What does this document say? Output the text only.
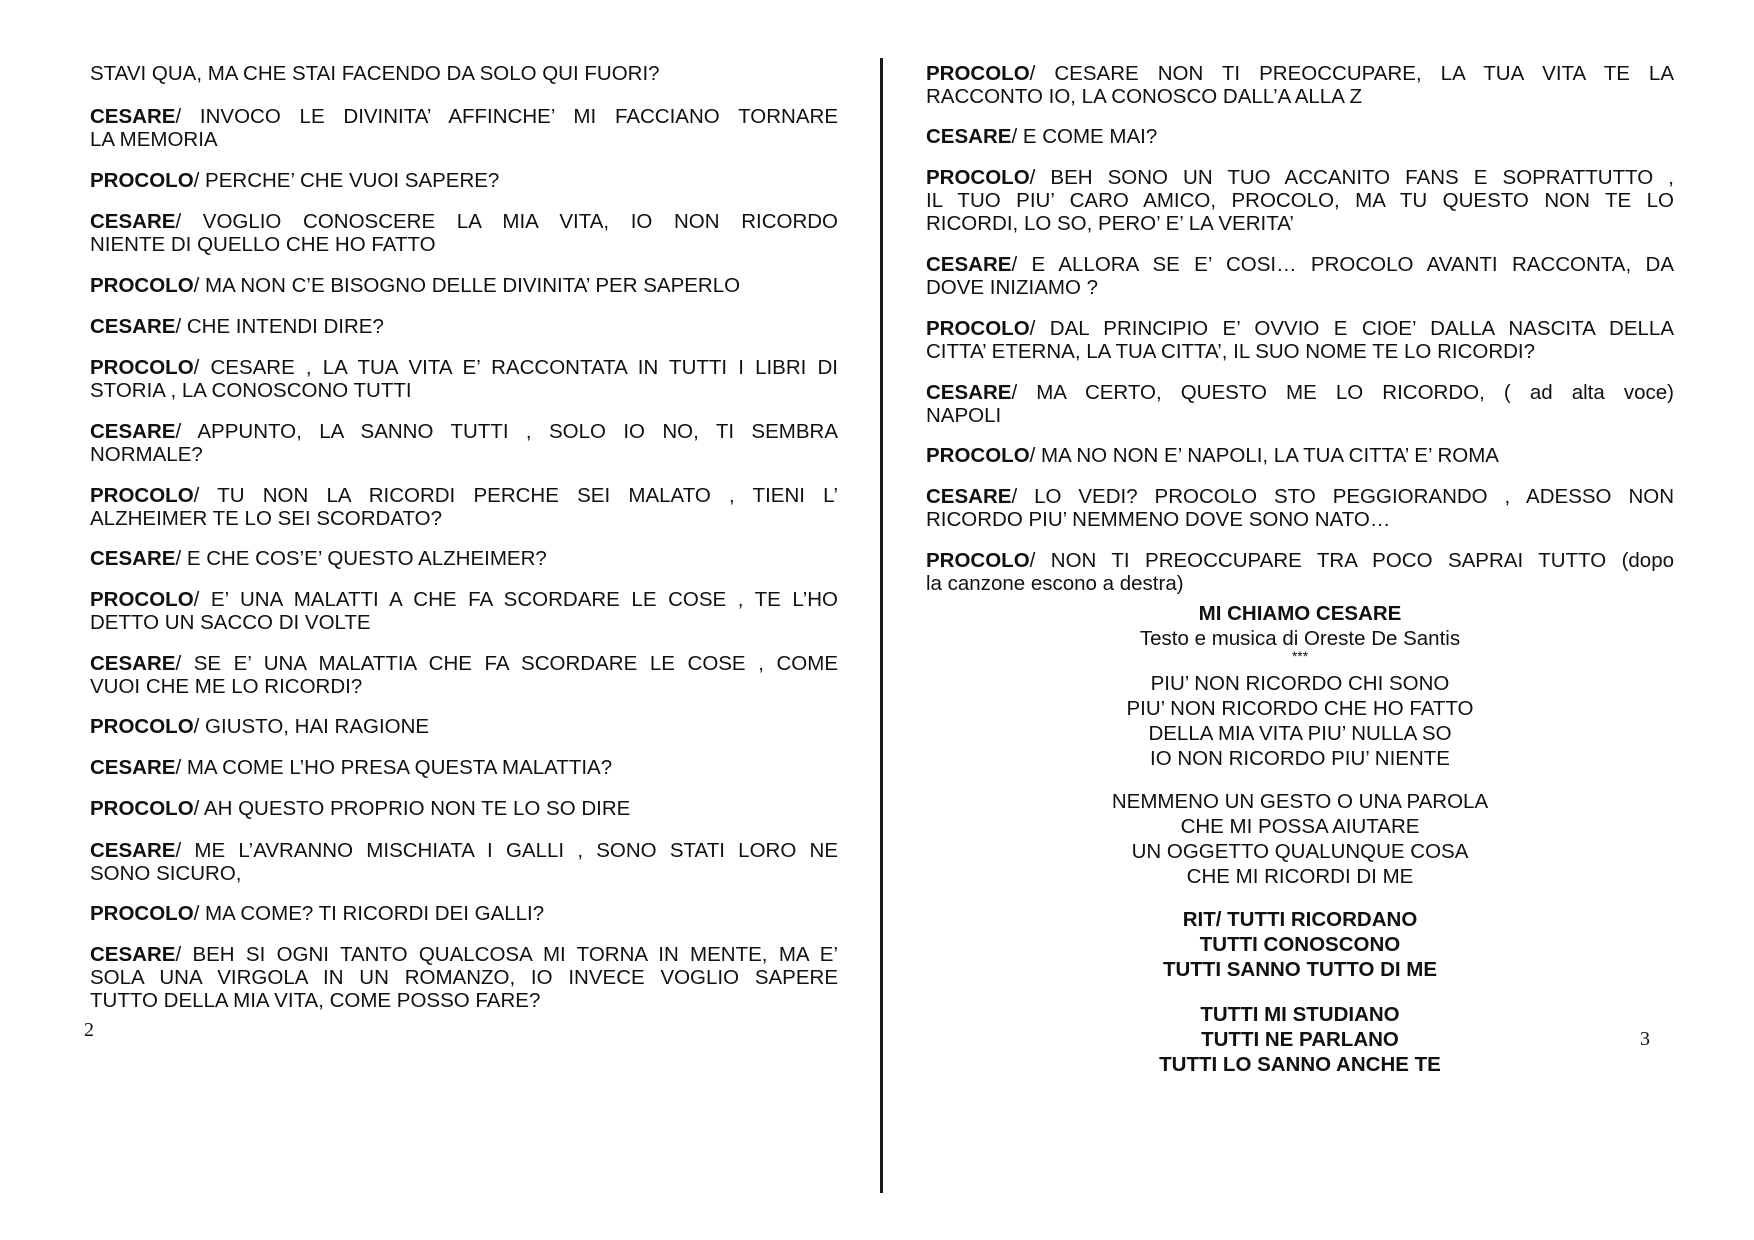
STAVI QUA, MA CHE STAI FACENDO DA SOLO QUI FUORI?
CESARE/ INVOCO LE DIVINITA’ AFFINCHE’ MI FACCIANO TORNARE
LA MEMORIA
PROCOLO/ PERCHE’ CHE VUOI SAPERE?
CESARE/ VOGLIO CONOSCERE LA MIA VITA, IO NON RICORDO
NIENTE DI QUELLO CHE HO FATTO
PROCOLO/ MA NON C’E BISOGNO DELLE DIVINITA’ PER SAPERLO
CESARE/ CHE INTENDI DIRE?
PROCOLO/ CESARE , LA TUA VITA E’ RACCONTATA IN TUTTI I LIBRI DI
STORIA , LA CONOSCONO TUTTI
CESARE/ APPUNTO, LA SANNO TUTTI , SOLO IO NO, TI SEMBRA
NORMALE?
PROCOLO/ TU NON LA RICORDI PERCHE SEI MALATO , TIENI L’
ALZHEIMER TE LO SEI SCORDATO?
CESARE/ E CHE COS’E’ QUESTO ALZHEIMER?
PROCOLO/ E’ UNA MALATTI A CHE FA SCORDARE LE COSE , TE L’HO
DETTO UN SACCO DI VOLTE
CESARE/ SE E’ UNA MALATTIA CHE FA SCORDARE LE COSE , COME
VUOI CHE ME LO RICORDI?
PROCOLO/ GIUSTO, HAI RAGIONE
CESARE/ MA COME L’HO PRESA QUESTA MALATTIA?
PROCOLO/ AH QUESTO PROPRIO NON TE LO SO DIRE
CESARE/ ME L’AVRANNO MISCHIATA I GALLI , SONO STATI LORO NE
SONO SICURO,
PROCOLO/ MA COME? TI RICORDI DEI GALLI?
CESARE/ BEH SI OGNI TANTO QUALCOSA MI TORNA IN MENTE, MA E’
SOLA UNA VIRGOLA IN UN ROMANZO, IO INVECE VOGLIO SAPERE
TUTTO DELLA MIA VITA, COME POSSO FARE?
2
PROCOLO/ CESARE NON TI PREOCCUPARE, LA TUA VITA TE LA
RACCONTO IO, LA CONOSCO DALL’A ALLA Z
CESARE/ E COME MAI?
PROCOLO/ BEH SONO UN TUO ACCANITO FANS E SOPRATTUTTO ,
IL TUO PIU’ CARO AMICO, PROCOLO, MA TU QUESTO NON TE LO
RICORDI, LO SO, PERO’ E’ LA VERITA’
CESARE/ E ALLORA SE E’ COSI… PROCOLO AVANTI RACCONTA, DA
DOVE INIZIAMO ?
PROCOLO/ DAL PRINCIPIO E’ OVVIO E CIOE’ DALLA NASCITA DELLA
CITTA’ ETERNA, LA TUA CITTA’, IL SUO NOME TE LO RICORDI?
CESARE/ MA CERTO, QUESTO ME LO RICORDO, ( ad alta voce)
NAPOLI
PROCOLO/ MA NO NON E’ NAPOLI, LA TUA CITTA’ E’ ROMA
CESARE/ LO VEDI? PROCOLO STO PEGGIORANDO , ADESSO NON
RICORDO PIU’ NEMMENO DOVE SONO NATO…
PROCOLO/ NON TI PREOCCUPARE TRA POCO SAPRAI TUTTO (dopo
la canzone escono a destra)
MI CHIAMO CESARE
Testo e musica di Oreste De Santis
***
PIU’ NON RICORDO CHI SONO
PIU’ NON RICORDO CHE HO FATTO
DELLA MIA VITA PIU’ NULLA SO
IO NON RICORDO PIU’ NIENTE
NEMMENO UN GESTO O UNA PAROLA
CHE MI POSSA AIUTARE
UN OGGETTO QUALUNQUE COSA
CHE MI RICORDI DI ME
RIT/ TUTTI RICORDANO
TUTTI CONOSCONO
TUTTI SANNO TUTTO DI ME
TUTTI MI STUDIANO
TUTTI NE PARLANO
TUTTI LO SANNO ANCHE TE
3
